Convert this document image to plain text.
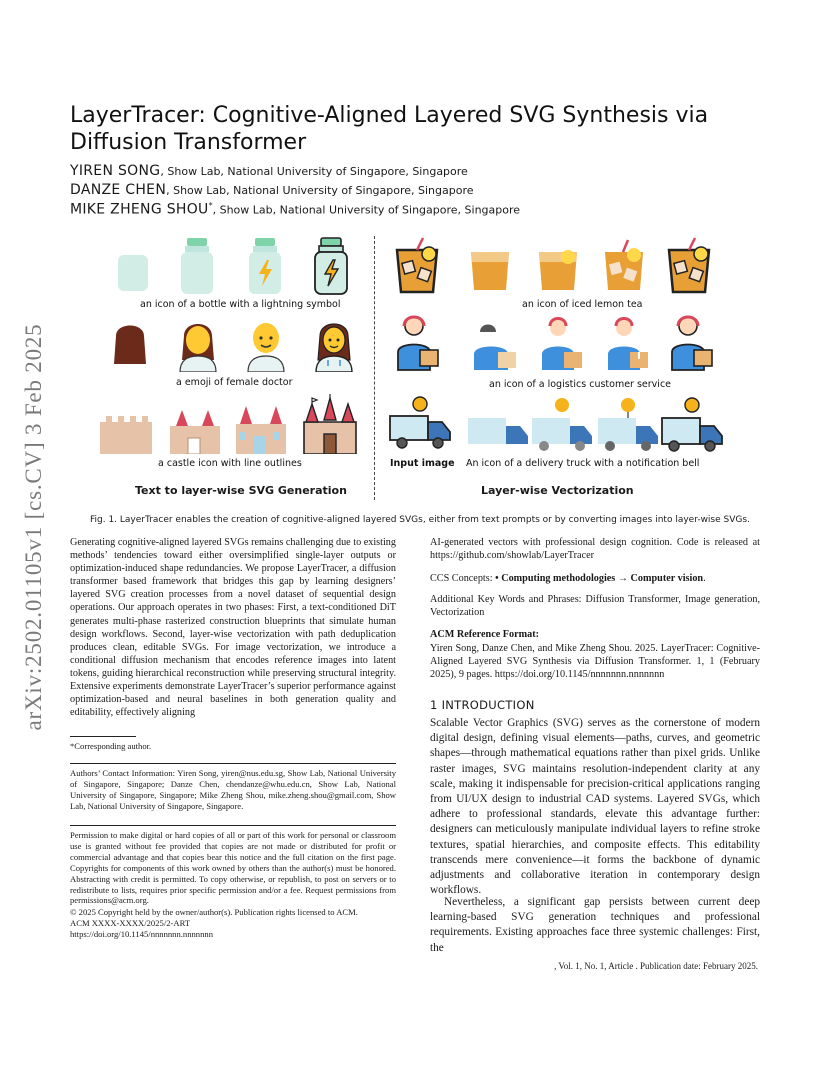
arXiv:2502.01105v1 [cs.CV] 3 Feb 2025
LayerTracer: Cognitive-Aligned Layered SVG Synthesis via Diffusion Transformer
YIREN SONG, Show Lab, National University of Singapore, Singapore
DANZE CHEN, Show Lab, National University of Singapore, Singapore
MIKE ZHENG SHOU*, Show Lab, National University of Singapore, Singapore
an icon of a bottle with a lightning symbol	an icon of iced lemon tea
a emoji of female doctor	an icon of a logistics customer service
a castle icon with line outlines	Input image An icon of a delivery truck with a notification bell
Text to layer-wise SVG Generation	Layer-wise Vectorization
Fig. 1. LayerTracer enables the creation of cognitive-aligned layered SVGs, either from text prompts or by converting images into layer-wise SVGs.

Generating cognitive-aligned layered SVGs remains challenging due to existing methods’ tendencies toward either oversimplified single-layer outputs or optimization-induced shape redundancies. We propose LayerTracer, a diffusion transformer based framework that bridges this gap by learning designers’ layered SVG creation processes from a novel dataset of sequential design operations. Our approach operates in two phases: First, a text-conditioned DiT generates multi-phase rasterized construction blueprints that simulate human design workflows. Second, layer-wise vectorization with path deduplication produces clean, editable SVGs. For image vectorization, we introduce a conditional diffusion mechanism that encodes reference images into latent tokens, guiding hierarchical reconstruction while preserving structural integrity. Extensive experiments demonstrate LayerTracer’s superior performance against optimization-based and neural baselines in both generation quality and editability, effectively aligning

*Corresponding author.
Authors’ Contact Information: Yiren Song, yiren@nus.edu.sg, Show Lab, National University of Singapore, Singapore; Danze Chen, chendanze@whu.edu.cn, Show Lab, National University of Singapore, Singapore; Mike Zheng Shou, mike.zheng.shou@gmail.com, Show Lab, National University of Singapore, Singapore.
Permission to make digital or hard copies of all or part of this work for personal or classroom use is granted without fee provided that copies are not made or distributed for profit or commercial advantage and that copies bear this notice and the full citation on the first page. Copyrights for components of this work owned by others than the author(s) must be honored. Abstracting with credit is permitted. To copy otherwise, or republish, to post on servers or to redistribute to lists, requires prior specific permission and/or a fee. Request permissions from permissions@acm.org.
© 2025 Copyright held by the owner/author(s). Publication rights licensed to ACM.
ACM XXXX-XXXX/2025/2-ART
https://doi.org/10.1145/nnnnnnn.nnnnnnn
AI-generated vectors with professional design cognition. Code is released at https://github.com/showlab/LayerTracer
CCS Concepts: • Computing methodologies → Computer vision.
Additional Key Words and Phrases: Diffusion Transformer, Image generation, Vectorization
ACM Reference Format:
Yiren Song, Danze Chen, and Mike Zheng Shou. 2025. LayerTracer: Cognitive-Aligned Layered SVG Synthesis via Diffusion Transformer. 1, 1 (February 2025), 9 pages. https://doi.org/10.1145/nnnnnnn.nnnnnnn
1 INTRODUCTION
Scalable Vector Graphics (SVG) serves as the cornerstone of modern digital design, defining visual elements—paths, curves, and geometric shapes—through mathematical equations rather than pixel grids. Unlike raster images, SVG maintains resolution-independent clarity at any scale, making it indispensable for precision-critical applications ranging from UI/UX design to industrial CAD systems. Layered SVGs, which adhere to professional standards, elevate this advantage further: designers can meticulously manipulate individual layers to refine stroke textures, spatial hierarchies, and composite effects. This editability transcends mere convenience—it forms the backbone of dynamic adjustments and collaborative iteration in contemporary design workflows.
Nevertheless, a significant gap persists between current deep learning-based SVG generation techniques and professional requirements. Existing approaches face three systemic challenges: First, the
, Vol. 1, No. 1, Article . Publication date: February 2025.
